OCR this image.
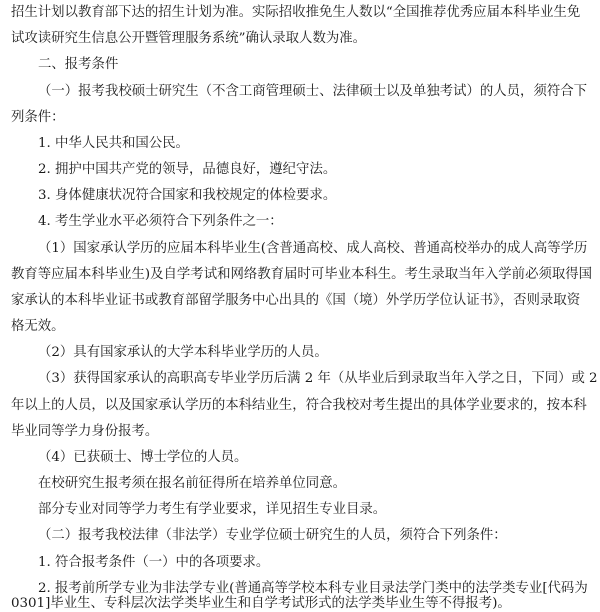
招生计划以教育部下达的招生计划为准。实际招收推免生人数以“全国推荐优秀应届本科毕业生免
试攻读研究生信息公开暨管理服务系统”确认录取人数为准。
二、报考条件
（一）报考我校硕士研究生（不含工商管理硕士、法律硕士以及单独考试）的人员，须符合下
列条件：
1. 中华人民共和国公民。
2. 拥护中国共产党的领导，品德良好，遵纪守法。
3. 身体健康状况符合国家和我校规定的体检要求。
4. 考生学业水平必须符合下列条件之一：
（1）国家承认学历的应届本科毕业生(含普通高校、成人高校、普通高校举办的成人高等学历
教育等应届本科毕业生)及自学考试和网络教育届时可毕业本科生。考生录取当年入学前必须取得国
家承认的本科毕业证书或教育部留学服务中心出具的《国（境）外学历学位认证书》，否则录取资
格无效。
（2）具有国家承认的大学本科毕业学历的人员。
（3）获得国家承认的高职高专毕业学历后满 2 年（从毕业后到录取当年入学之日，下同）或 2
年以上的人员，以及国家承认学历的本科结业生，符合我校对考生提出的具体学业要求的，按本科
毕业同等学力身份报考。
（4）已获硕士、博士学位的人员。
在校研究生报考须在报名前征得所在培养单位同意。
部分专业对同等学力考生有学业要求，详见招生专业目录。
（二）报考我校法律（非法学）专业学位硕士研究生的人员，须符合下列条件：
1. 符合报考条件（一）中的各项要求。
2. 报考前所学专业为非法学专业(普通高等学校本科专业目录法学门类中的法学类专业[代码为
0301]毕业生、专科层次法学类毕业生和自学考试形式的法学类毕业生等不得报考)。
